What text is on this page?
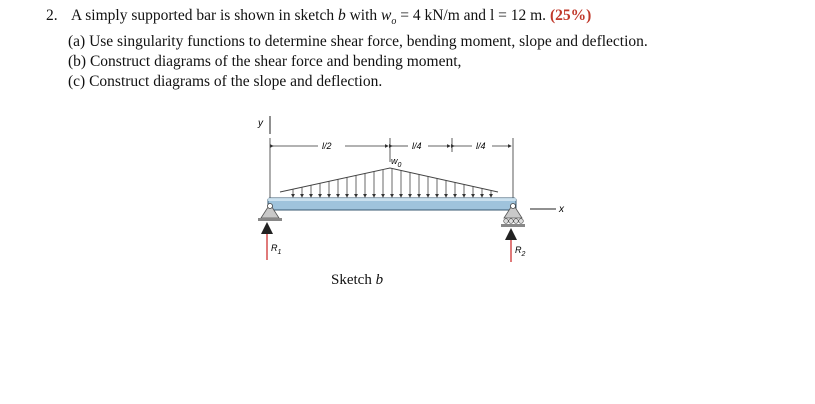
2. A simply supported bar is shown in sketch b with $w_o = 4$ kN/m and l = 12 m. (25%)
(a) Use singularity functions to determine shear force, bending moment, slope and deflection.
(b) Construct diagrams of the shear force and bending moment,
(c) Construct diagrams of the slope and deflection.
y
l/2	l/4	l/4
$w_0$
x
$R_1$	$R_2$
Sketch b
